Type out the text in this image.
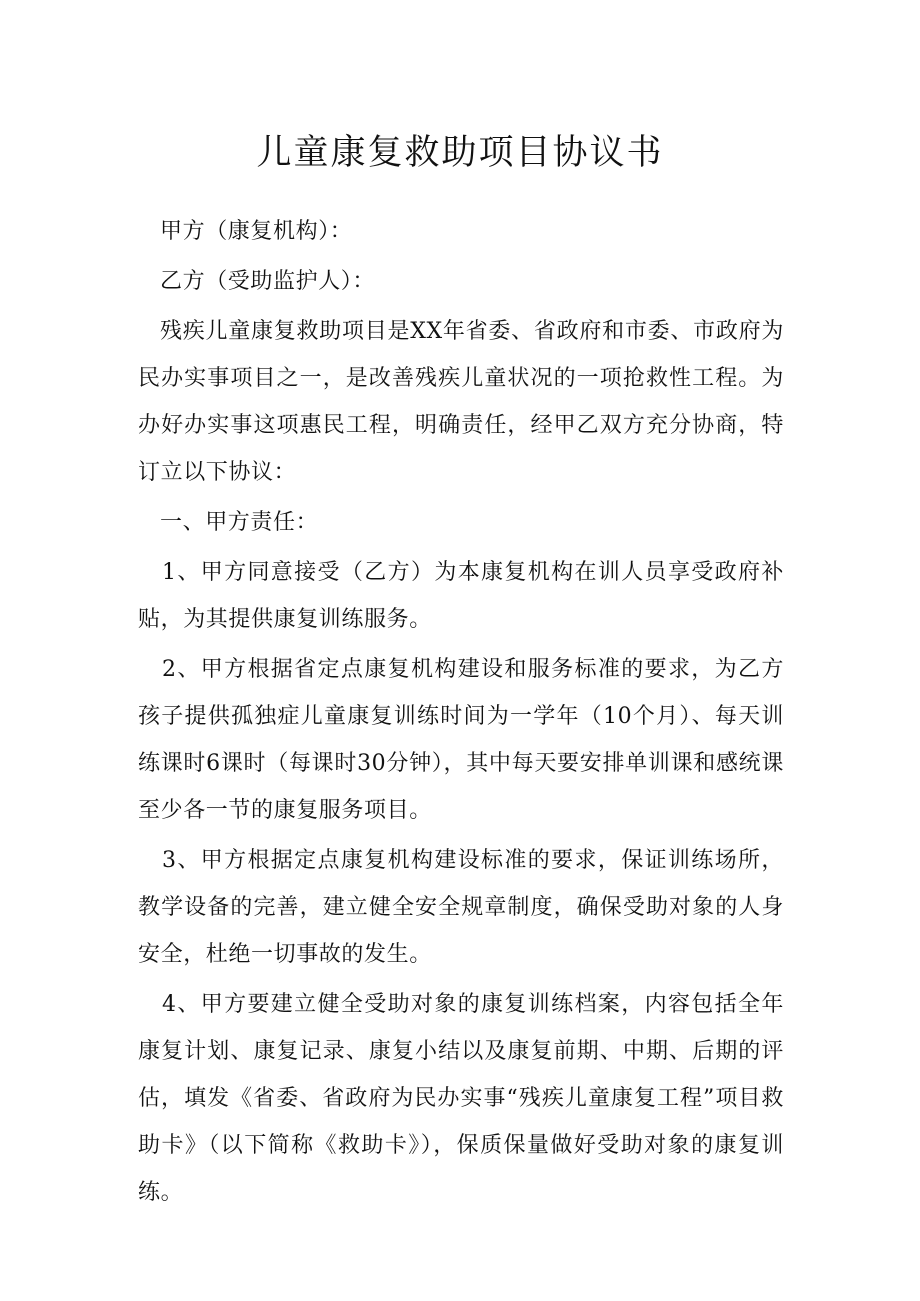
儿童康复救助项目协议书

甲方（康复机构）：

乙方（受助监护人）：

残疾儿童康复救助项目是XX年省委、省政府和市委、市政府为民办实事项目之一，是改善残疾儿童状况的一项抢救性工程。为办好办实事这项惠民工程，明确责任，经甲乙双方充分协商，特订立以下协议：

一、甲方责任：

1、甲方同意接受（乙方）为本康复机构在训人员享受政府补贴，为其提供康复训练服务。

2、甲方根据省定点康复机构建设和服务标准的要求，为乙方孩子提供孤独症儿童康复训练时间为一学年（10个月）、每天训练课时6课时（每课时30分钟），其中每天要安排单训课和感统课至少各一节的康复服务项目。

3、甲方根据定点康复机构建设标准的要求，保证训练场所，教学设备的完善，建立健全安全规章制度，确保受助对象的人身安全，杜绝一切事故的发生。

4、甲方要建立健全受助对象的康复训练档案，内容包括全年康复计划、康复记录、康复小结以及康复前期、中期、后期的评估，填发《省委、省政府为民办实事“残疾儿童康复工程”项目救助卡》（以下简称《救助卡》），保质保量做好受助对象的康复训练。
